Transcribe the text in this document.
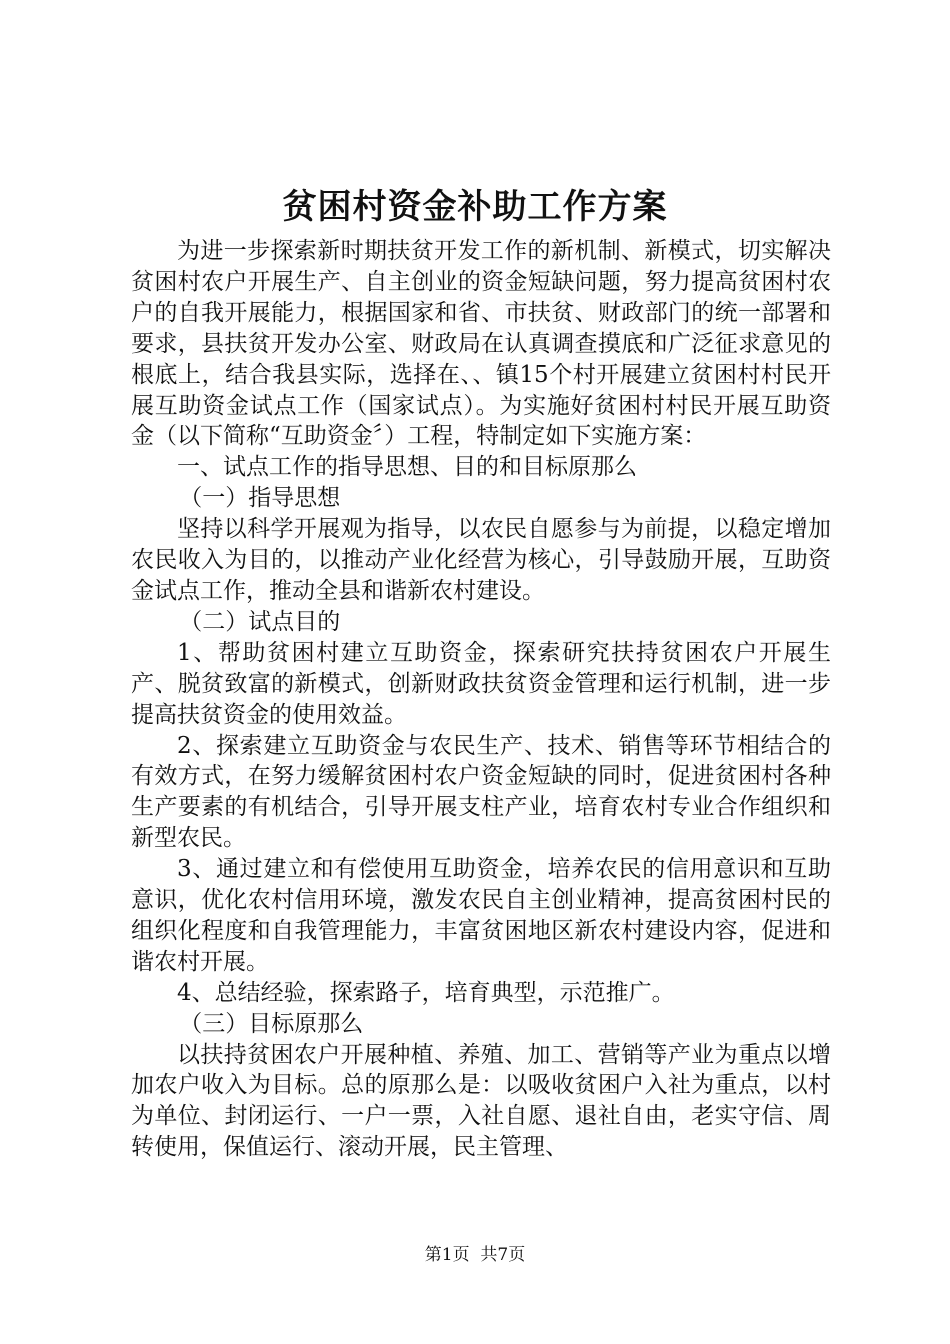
贫困村资金补助工作方案

为进一步探索新时期扶贫开发工作的新机制、新模式，切实解决贫困村农户开展生产、自主创业的资金短缺问题，努力提高贫困村农户的自我开展能力，根据国家和省、市扶贫、财政部门的统一部署和要求，县扶贫开发办公室、财政局在认真调查摸底和广泛征求意见的根底上，结合我县实际，选择在、、镇15个村开展建立贫困村村民开展互助资金试点工作（国家试点）。为实施好贫困村村民开展互助资金（以下简称“互助资金〞）工程，特制定如下实施方案：

一、试点工作的指导思想、目的和目标原那么

（一）指导思想

坚持以科学开展观为指导，以农民自愿参与为前提，以稳定增加农民收入为目的，以推动产业化经营为核心，引导鼓励开展，互助资金试点工作，推动全县和谐新农村建设。

（二）试点目的

1、帮助贫困村建立互助资金，探索研究扶持贫困农户开展生产、脱贫致富的新模式，创新财政扶贫资金管理和运行机制，进一步提高扶贫资金的使用效益。

2、探索建立互助资金与农民生产、技术、销售等环节相结合的有效方式，在努力缓解贫困村农户资金短缺的同时，促进贫困村各种生产要素的有机结合，引导开展支柱产业，培育农村专业合作组织和新型农民。

3、通过建立和有偿使用互助资金，培养农民的信用意识和互助意识，优化农村信用环境，激发农民自主创业精神，提高贫困村民的组织化程度和自我管理能力，丰富贫困地区新农村建设内容，促进和谐农村开展。

4、总结经验，探索路子，培育典型，示范推广。

（三）目标原那么

以扶持贫困农户开展种植、养殖、加工、营销等产业为重点以增加农户收入为目标。总的原那么是：以吸收贫困户入社为重点，以村为单位、封闭运行、一户一票，入社自愿、退社自由，老实守信、周转使用，保值运行、滚动开展，民主管理、

第1页 共7页
